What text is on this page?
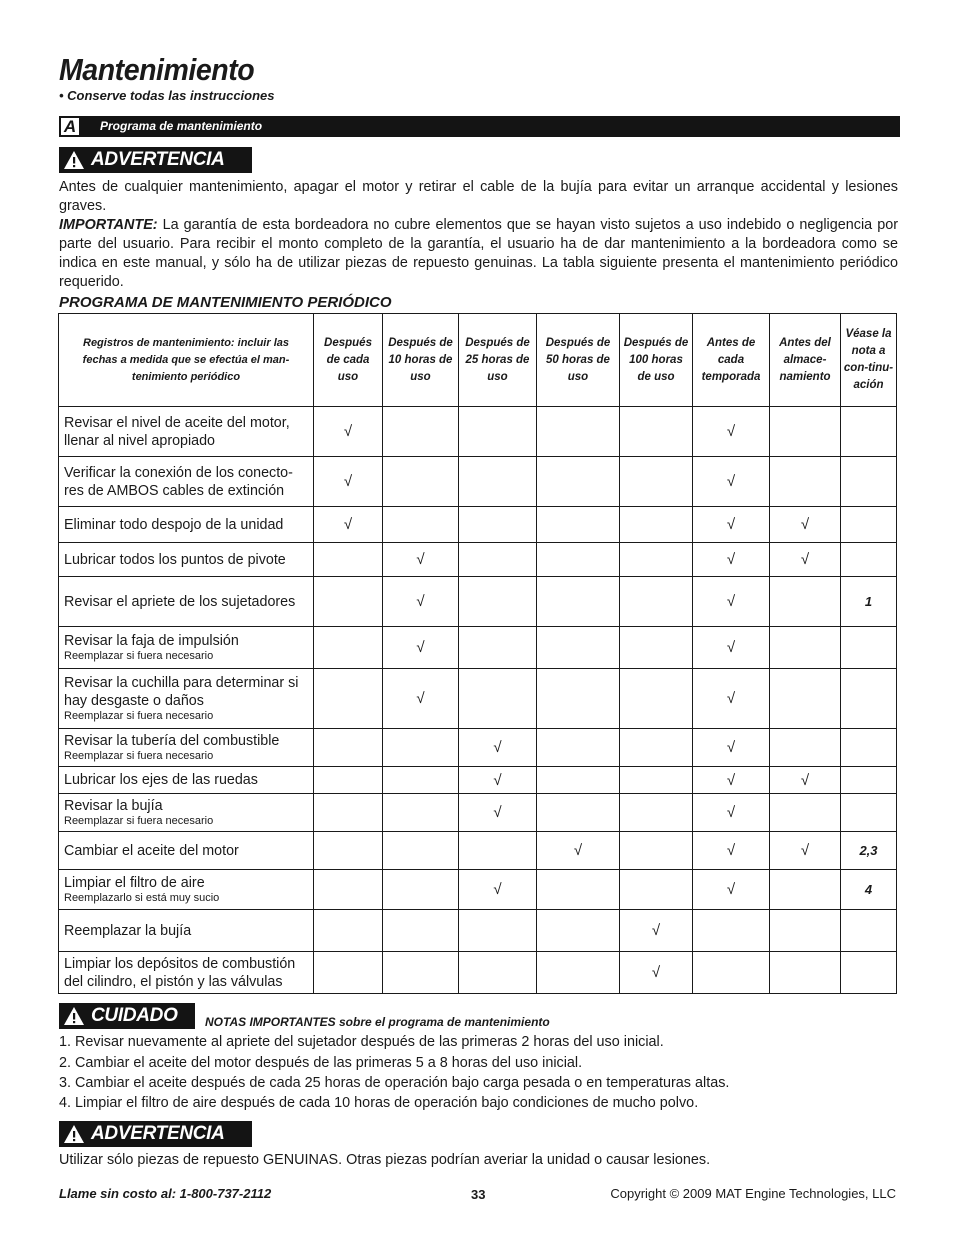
Mantenimiento
• Conserve todas las instrucciones
A	Programa de mantenimiento
ADVERTENCIA
Antes de cualquier mantenimiento, apagar el motor y retirar el cable de la bujía para evitar un arranque accidental y lesiones graves.
IMPORTANTE: La garantía de esta bordeadora no cubre elementos que se hayan visto sujetos a uso indebido o negligencia por parte del usuario. Para recibir el monto completo de la garantía, el usuario ha de dar mantenimiento a la bordeadora como se indica en este manual, y sólo ha de utilizar piezas de repuesto genuinas. La tabla siguiente presenta el mantenimiento periódico requerido.
PROGRAMA DE MANTENIMIENTO PERIÓDICO
Registros de mantenimiento: incluir las fechas a medida que se efectúa el man-tenimiento periódico	Después de cada uso	Después de 10 horas de uso	Después de 25 horas de uso	Después de 50 horas de uso	Después de 100 horas de uso	Antes de cada temporada	Antes del almace-namiento	Véase la nota a con-tinu-ación
Revisar el nivel de aceite del motor, llenar al nivel apropiado	√					√		
Verificar la conexión de los conecto-res de AMBOS cables de extinción	√					√		
Eliminar todo despojo de la unidad	√					√	√	
Lubricar todos los puntos de pivote		√				√	√	
Revisar el apriete de los sujetadores		√				√		1
Revisar la faja de impulsión
Reemplazar si fuera necesario		√				√		
Revisar la cuchilla para determinar si hay desgaste o daños
Reemplazar si fuera necesario		√				√		
Revisar la tubería del combustible
Reemplazar si fuera necesario			√			√		
Lubricar los ejes de las ruedas			√			√	√	
Revisar la bujía
Reemplazar si fuera necesario			√			√		
Cambiar el aceite del motor				√		√	√	2,3
Limpiar el filtro de aire
Reemplazarlo si está muy sucio			√			√		4
Reemplazar la bujía					√			
Limpiar los depósitos de combustión del cilindro, el pistón y las válvulas					√			
CUIDADO NOTAS IMPORTANTES sobre el programa de mantenimiento
1. Revisar nuevamente al apriete del sujetador después de las primeras 2 horas del uso inicial.
2. Cambiar el aceite del motor después de las primeras 5 a 8 horas del uso inicial.
3. Cambiar el aceite después de cada 25 horas de operación bajo carga pesada o en temperaturas altas.
4. Limpiar el filtro de aire después de cada 10 horas de operación bajo condiciones de mucho polvo.
ADVERTENCIA
Utilizar sólo piezas de repuesto GENUINAS. Otras piezas podrían averiar la unidad o causar lesiones.
Llame sin costo al: 1-800-737-2112	33	Copyright © 2009 MAT Engine Technologies, LLC
